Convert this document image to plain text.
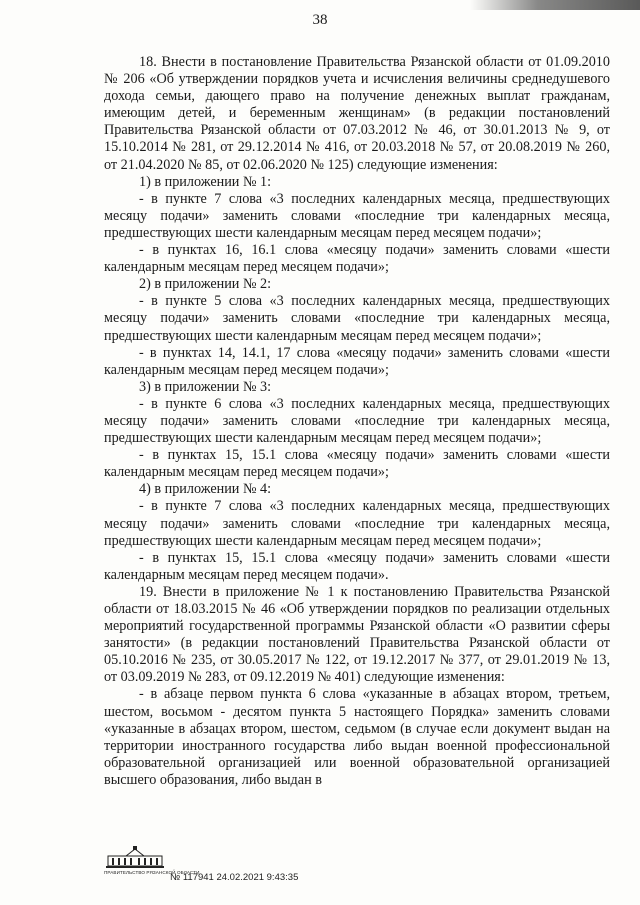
38

18. Внести в постановление Правительства Рязанской области от 01.09.2010 № 206 «Об утверждении порядков учета и исчисления величины среднедушевого дохода семьи, дающего право на получение денежных выплат гражданам, имеющим детей, и беременным женщинам» (в редакции постановлений Правительства Рязанской области от 07.03.2012 № 46, от 30.01.2013 № 9, от 15.10.2014 № 281, от 29.12.2014 № 416, от 20.03.2018 № 57, от 20.08.2019 № 260, от 21.04.2020 № 85, от 02.06.2020 № 125) следующие изменения:

1) в приложении № 1:

- в пункте 7 слова «3 последних календарных месяца, предшествующих месяцу подачи» заменить словами «последние три календарных месяца, предшествующих шести календарным месяцам перед месяцем подачи»;

- в пунктах 16, 16.1 слова «месяцу подачи» заменить словами «шести календарным месяцам перед месяцем подачи»;

2) в приложении № 2:

- в пункте 5 слова «3 последних календарных месяца, предшествующих месяцу подачи» заменить словами «последние три календарных месяца, предшествующих шести календарным месяцам перед месяцем подачи»;

- в пунктах 14, 14.1, 17 слова «месяцу подачи» заменить словами «шести календарным месяцам перед месяцем подачи»;

3) в приложении № 3:

- в пункте 6 слова «3 последних календарных месяца, предшествующих месяцу подачи» заменить словами «последние три календарных месяца, предшествующих шести календарным месяцам перед месяцем подачи»;

- в пунктах 15, 15.1 слова «месяцу подачи» заменить словами «шести календарным месяцам перед месяцем подачи»;

4) в приложении № 4:

- в пункте 7 слова «3 последних календарных месяца, предшествующих месяцу подачи» заменить словами «последние три календарных месяца, предшествующих шести календарным месяцам перед месяцем подачи»;

- в пунктах 15, 15.1 слова «месяцу подачи» заменить словами «шести календарным месяцам перед месяцем подачи».

19. Внести в приложение № 1 к постановлению Правительства Рязанской области от 18.03.2015 № 46 «Об утверждении порядков по реализации отдельных мероприятий государственной программы Рязанской области «О развитии сферы занятости» (в редакции постановлений Правительства Рязанской области от 05.10.2016 № 235, от 30.05.2017 № 122, от 19.12.2017 № 377, от 29.01.2019 № 13, от 03.09.2019 № 283, от 09.12.2019 № 401) следующие изменения:

- в абзаце первом пункта 6 слова «указанные в абзацах втором, третьем, шестом, восьмом - десятом пункта 5 настоящего Порядка» заменить словами «указанные в абзацах втором, шестом, седьмом (в случае если документ выдан на территории иностранного государства либо выдан военной профессиональной образовательной организацией или военной образовательной организацией высшего образования, либо выдан в

ПРАВИТЕЛЬСТВО РЯЗАНСКОЙ ОБЛАСТИ
№ 117941 24.02.2021 9:43:35
